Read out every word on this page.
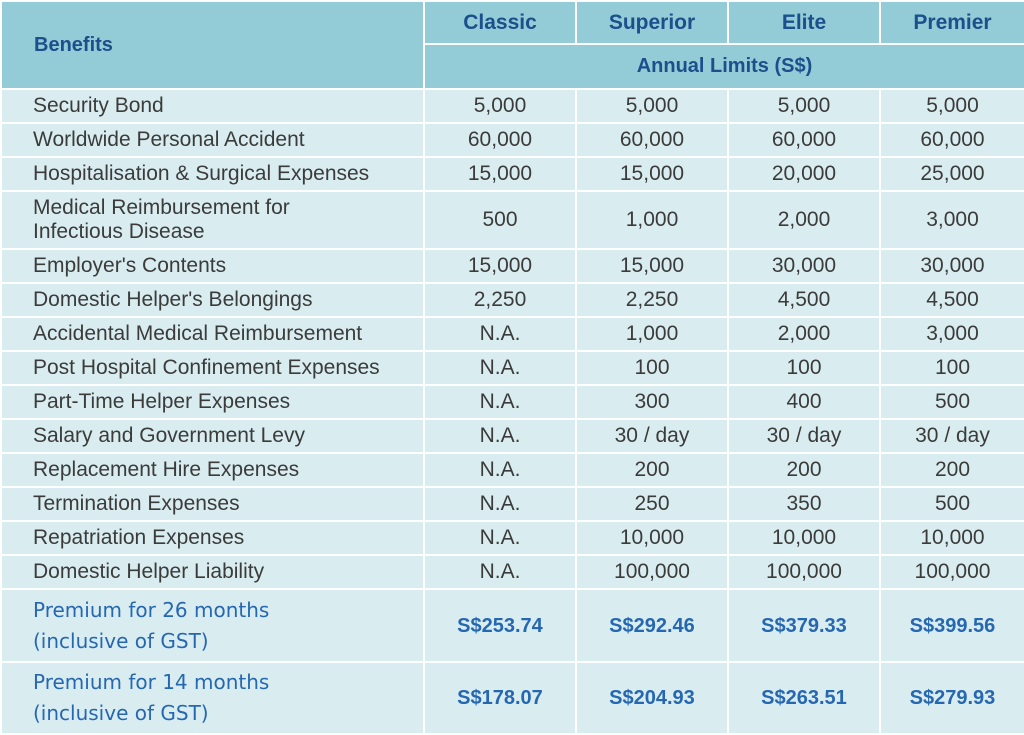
Benefits	Classic	Superior	Elite	Premier
	Annual Limits (S$)			
Security Bond	5,000	5,000	5,000	5,000
Worldwide Personal Accident	60,000	60,000	60,000	60,000
Hospitalisation & Surgical Expenses	15,000	15,000	20,000	25,000

Medical Reimbursement for
Infectious Disease	500	1,000	2,000	3,000
Employer's Contents	15,000	15,000	30,000	30,000
Domestic Helper's Belongings	2,250	2,250	4,500	4,500
Accidental Medical Reimbursement	N.A.	1,000	2,000	3,000
Post Hospital Confinement Expenses	N.A.	100	100	100
Part-Time Helper Expenses	N.A.	300	400	500
Salary and Government Levy	N.A.	30 / day	30 / day	30 / day
Replacement Hire Expenses	N.A.	200	200	200
Termination Expenses	N.A.	250	350	500
Repatriation Expenses	N.A.	10,000	10,000	10,000
Domestic Helper Liability	N.A.	100,000	100,000	100,000

Premium for 26 months
(inclusive of GST)	S$253.74	S$292.46	S$379.33	S$399.56

Premium for 14 months
(inclusive of GST)	S$178.07	S$204.93	S$263.51	S$279.93
